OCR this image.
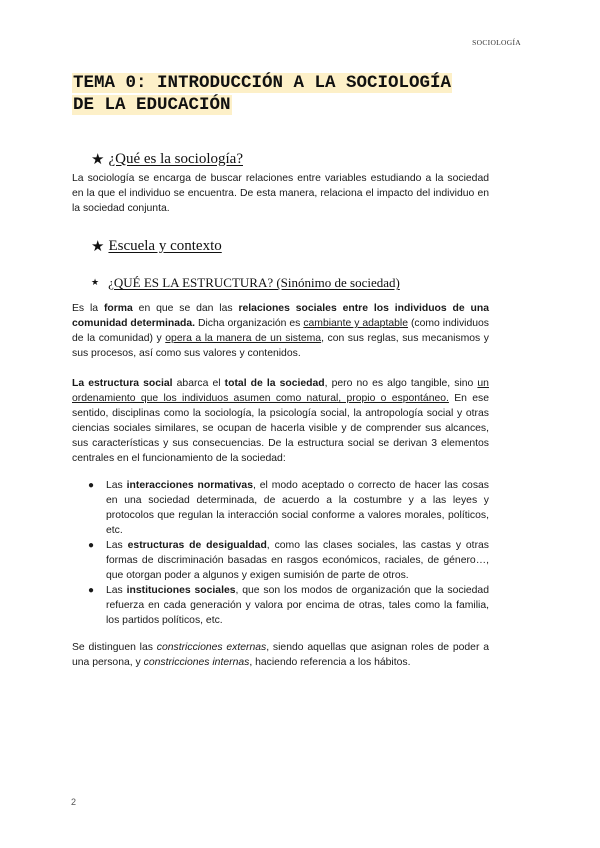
SOCIOLOGÍA
TEMA 0: INTRODUCCIÓN A LA SOCIOLOGÍA
DE LA EDUCACIÓN
★ ¿Qué es la sociología?

La sociología se encarga de buscar relaciones entre variables estudiando a la sociedad en la que el individuo se encuentra. De esta manera, relaciona el impacto del individuo en la sociedad conjunta.

★ Escuela y contexto
★ ¿QUÉ ES LA ESTRUCTURA? (Sinónimo de sociedad)

Es la forma en que se dan las relaciones sociales entre los individuos de una comunidad determinada. Dicha organización es cambiante y adaptable (como individuos de la comunidad) y opera a la manera de un sistema, con sus reglas, sus mecanismos y sus procesos, así como sus valores y contenidos.

La estructura social abarca el total de la sociedad, pero no es algo tangible, sino un ordenamiento que los individuos asumen como natural, propio o espontáneo. En ese sentido, disciplinas como la sociología, la psicología social, la antropología social y otras ciencias sociales similares, se ocupan de hacerla visible y de comprender sus alcances, sus características y sus consecuencias. De la estructura social se derivan 3 elementos centrales en el funcionamiento de la sociedad:

● Las interacciones normativas, el modo aceptado o correcto de hacer las cosas en una sociedad determinada, de acuerdo a la costumbre y a las leyes y protocolos que regulan la interacción social conforme a valores morales, políticos, etc.
● Las estructuras de desigualdad, como las clases sociales, las castas y otras formas de discriminación basadas en rasgos económicos, raciales, de género…, que otorgan poder a algunos y exigen sumisión de parte de otros.
● Las instituciones sociales, que son los modos de organización que la sociedad refuerza en cada generación y valora por encima de otras, tales como la familia, los partidos políticos, etc.

Se distinguen las constricciones externas, siendo aquellas que asignan roles de poder a una persona, y constricciones internas, haciendo referencia a los hábitos.

2
